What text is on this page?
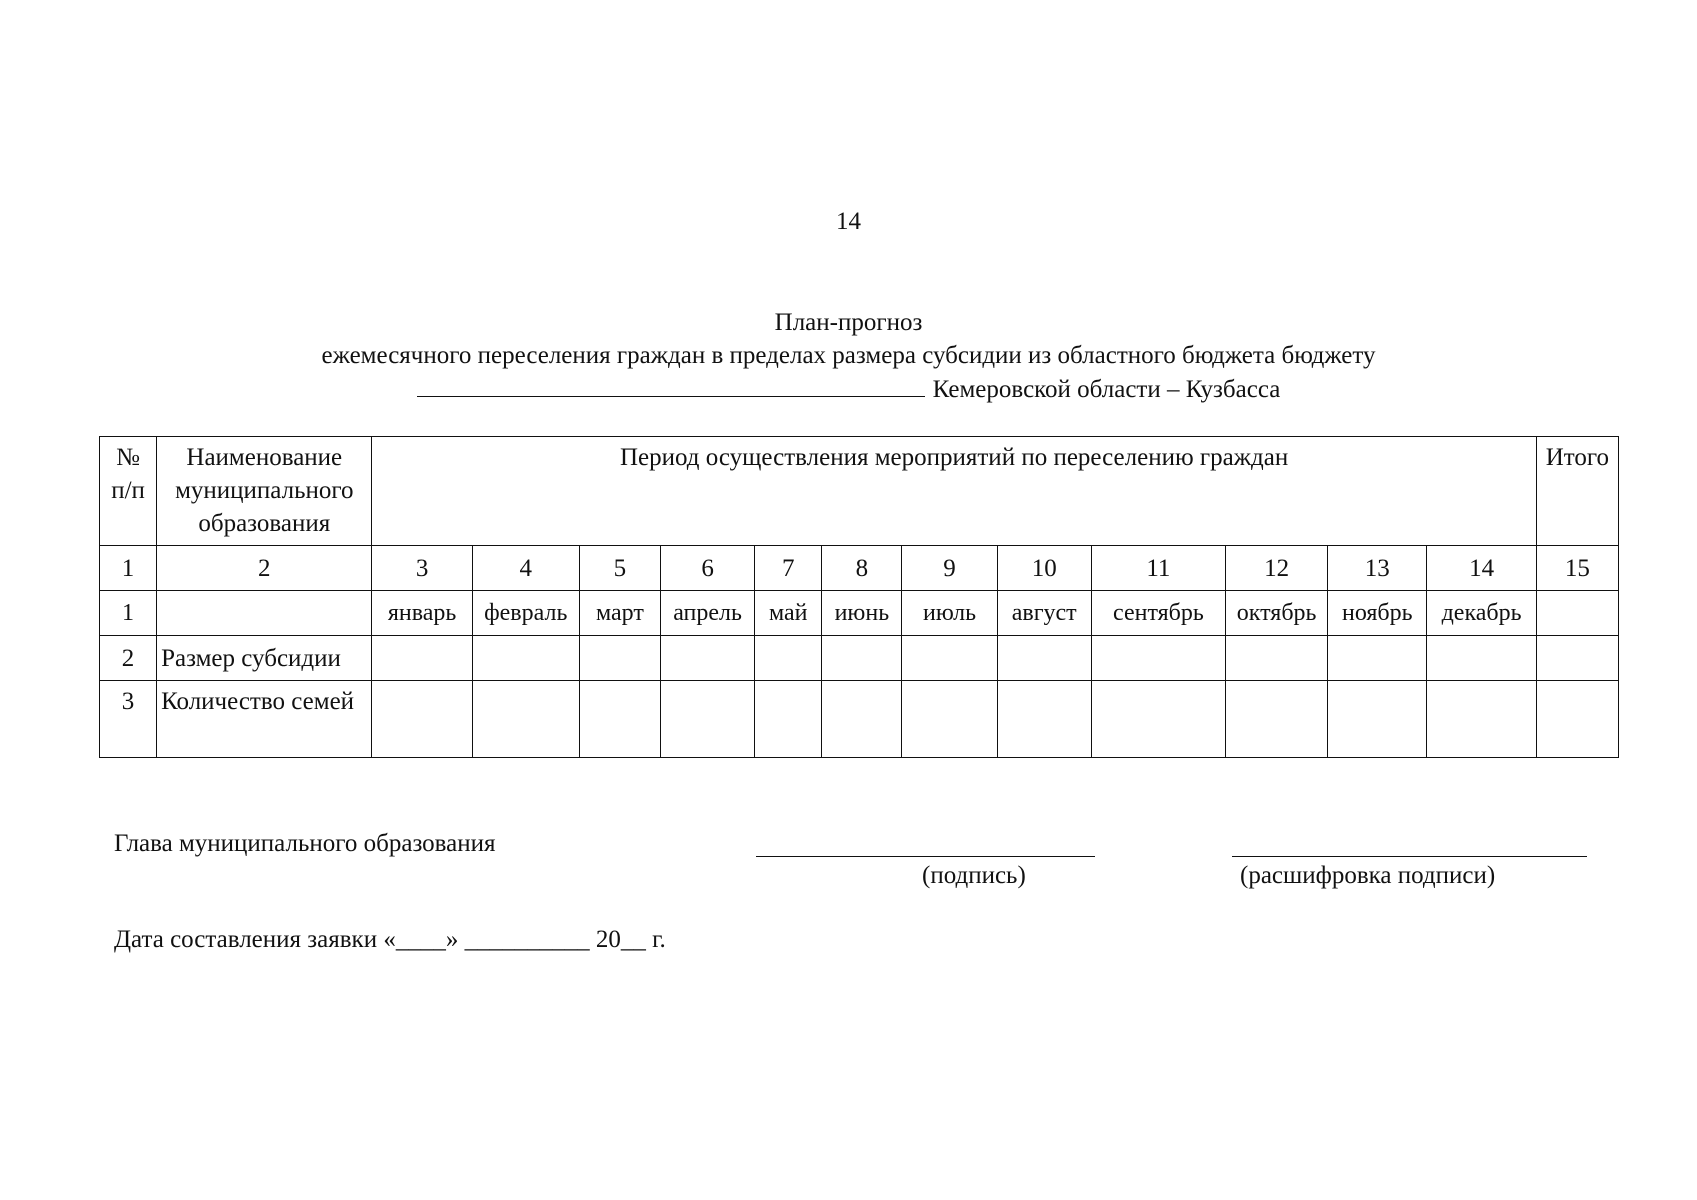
14
План-прогноз
ежемесячного переселения граждан в пределах размера субсидии из областного бюджета бюджету
Кемеровской области – Кузбасса
№ п/п	Наименование муниципального образования	Период осуществления мероприятий по переселению граждан												Итого
1	2	3	4	5	6	7	8	9	10	11	12	13	14	15
1		январь	февраль	март	апрель	май	июнь	июль	август	сентябрь	октябрь	ноябрь	декабрь	
2	Размер субсидии													
3	Количество семей													
Глава муниципального образования
(подпись)	(расшифровка подписи)
Дата составления заявки «____» __________ 20__ г.
